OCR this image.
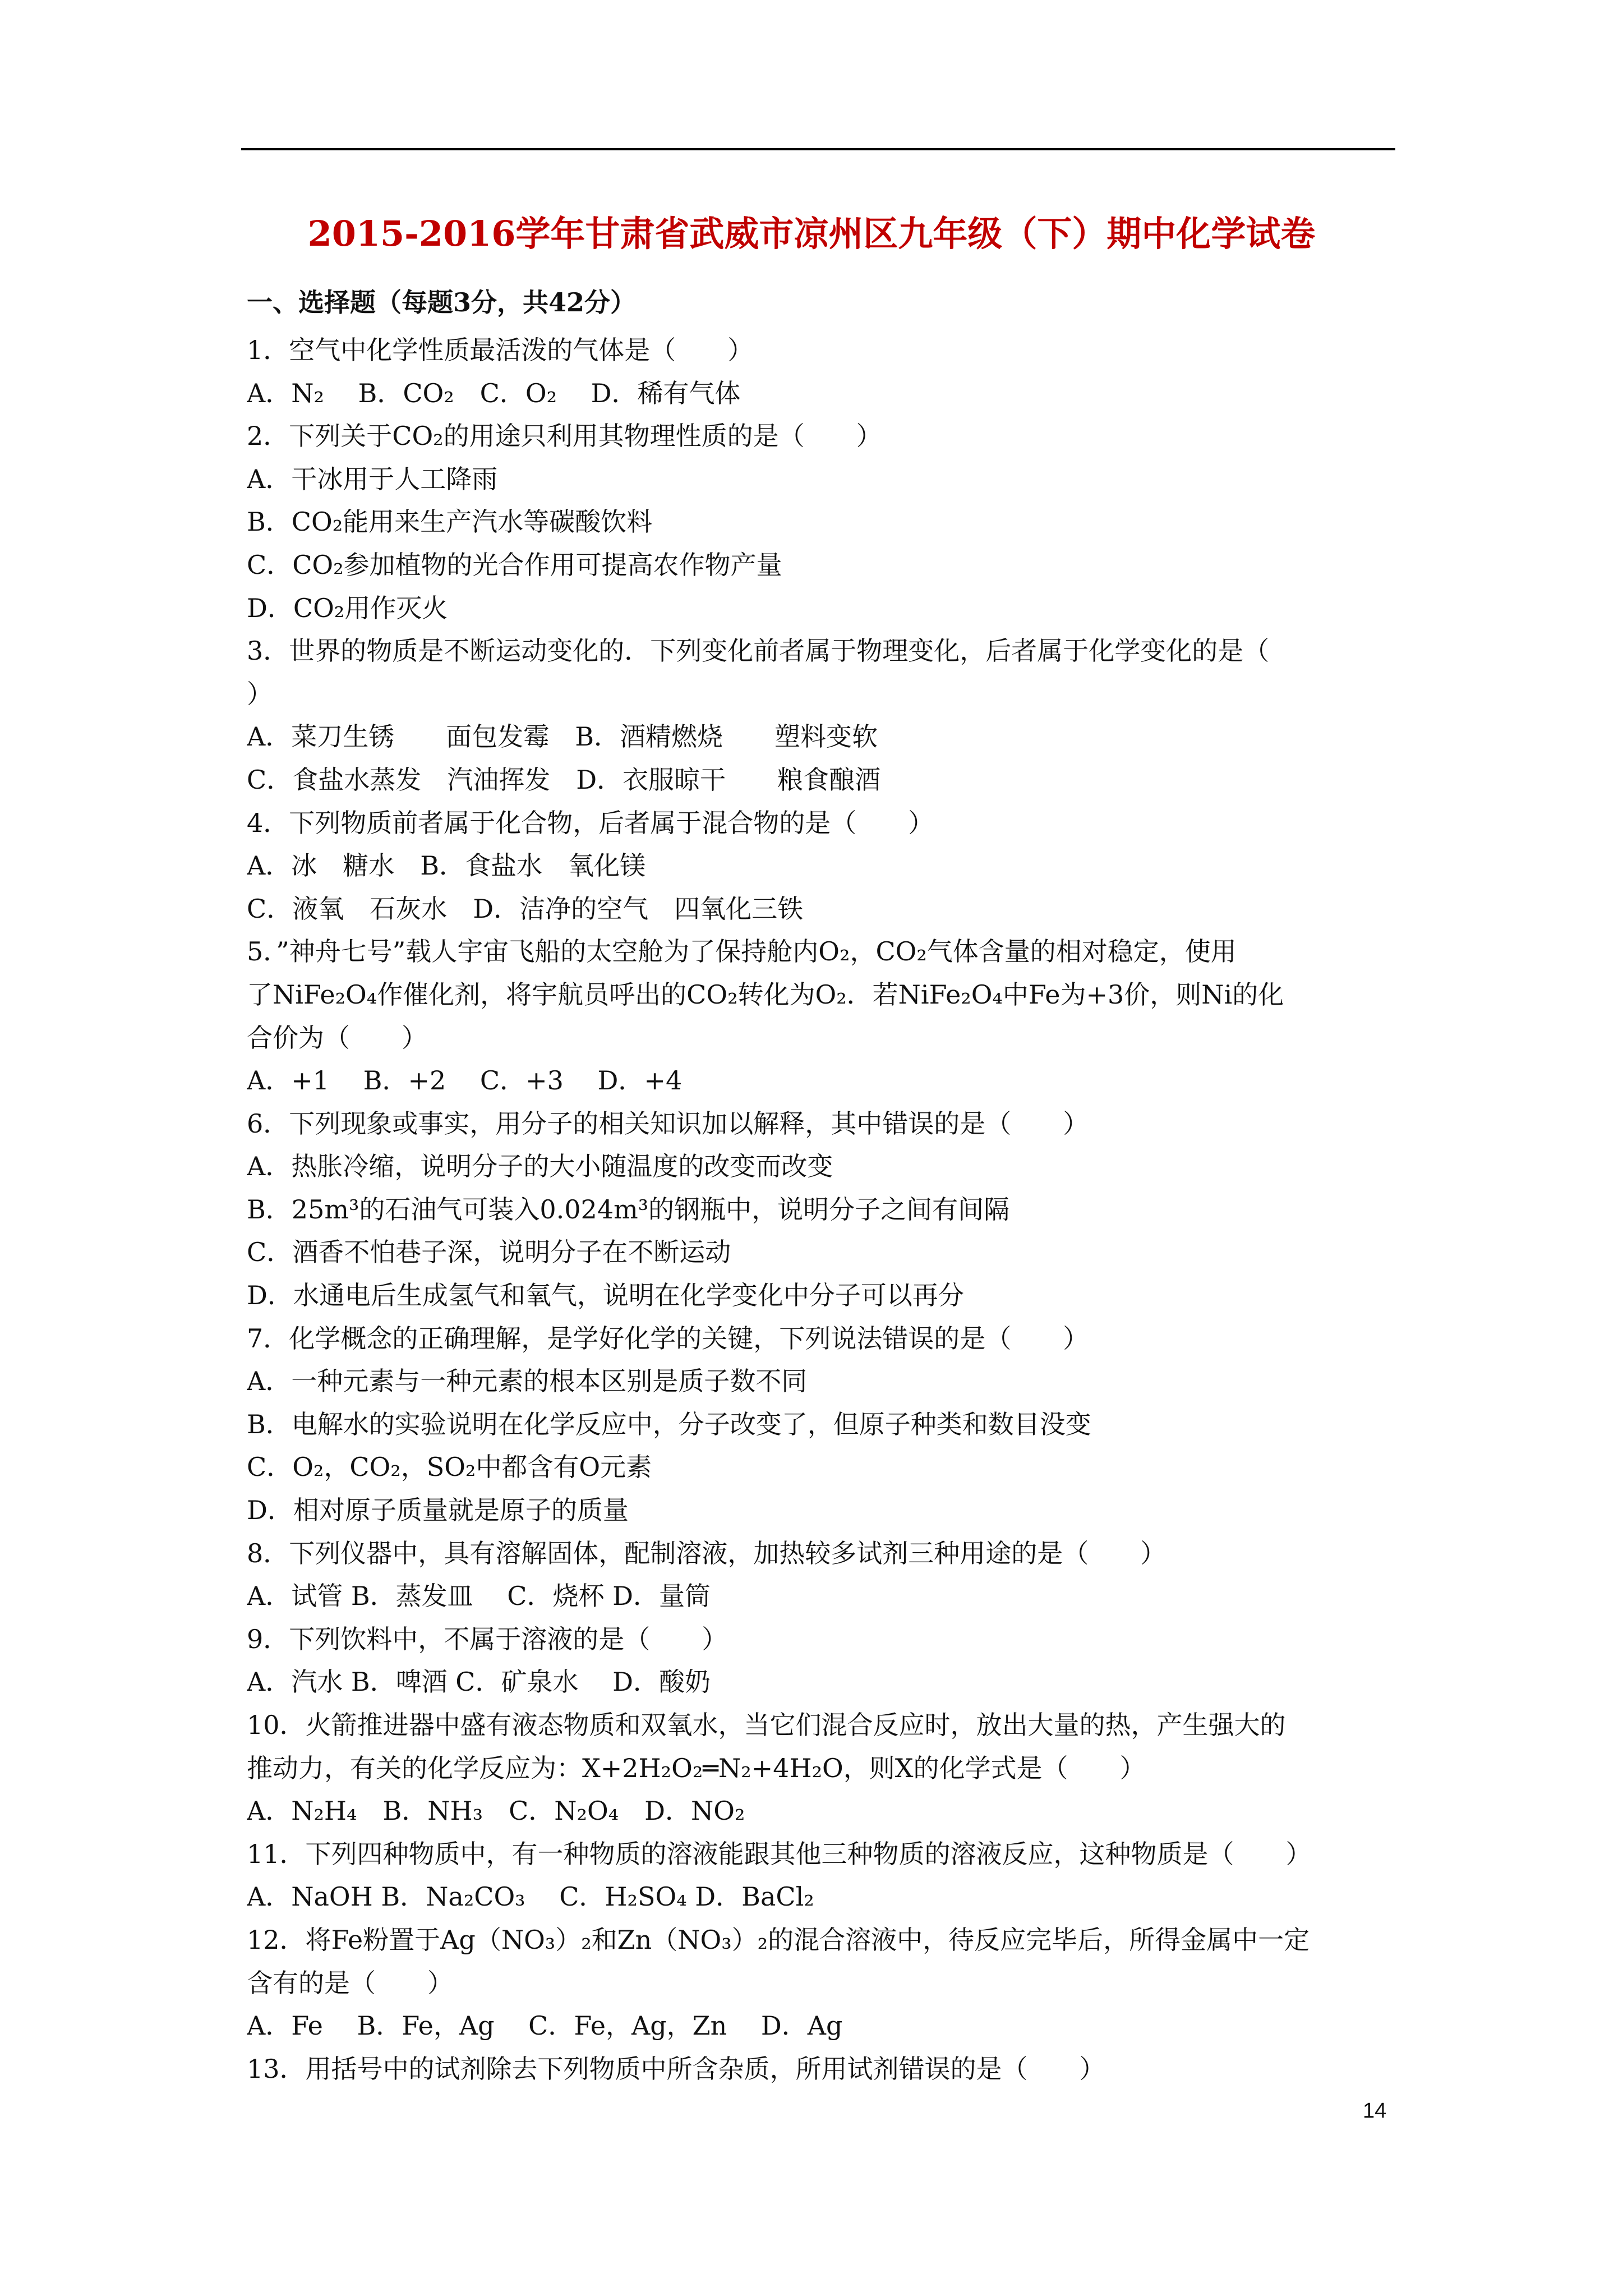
2015-2016学年甘肃省武威市凉州区九年级（下）期中化学试卷
一、选择题（每题3分，共42分）
1．空气中化学性质最活泼的气体是（　　）
A．N₂　 B．CO₂　C．O₂　 D．稀有气体
2．下列关于CO₂的用途只利用其物理性质的是（　　）
A．干冰用于人工降雨
B．CO₂能用来生产汽水等碳酸饮料
C．CO₂参加植物的光合作用可提高农作物产量
D．CO₂用作灭火
3．世界的物质是不断运动变化的．下列变化前者属于物理变化，后者属于化学变化的是（
）
A．菜刀生锈　　面包发霉　B．酒精燃烧　　塑料变软
C．食盐水蒸发　汽油挥发　D．衣服晾干　　粮食酿酒
4．下列物质前者属于化合物，后者属于混合物的是（　　）
A．冰　糖水　B．食盐水　氧化镁
C．液氧　石灰水　D．洁净的空气　四氧化三铁
5．”神舟七号”载人宇宙飞船的太空舱为了保持舱内O₂，CO₂气体含量的相对稳定，使用
了NiFe₂O₄作催化剂，将宇航员呼出的CO₂转化为O₂．若NiFe₂O₄中Fe为+3价，则Ni的化
合价为（　　）
A．+1　 B．+2　 C．+3　 D．+4
6．下列现象或事实，用分子的相关知识加以解释，其中错误的是（　　）
A．热胀冷缩，说明分子的大小随温度的改变而改变
B．25m³的石油气可装入0.024m³的钢瓶中，说明分子之间有间隔
C．酒香不怕巷子深，说明分子在不断运动
D．水通电后生成氢气和氧气，说明在化学变化中分子可以再分
7．化学概念的正确理解，是学好化学的关键，下列说法错误的是（　　）
A．一种元素与一种元素的根本区别是质子数不同
B．电解水的实验说明在化学反应中，分子改变了，但原子种类和数目没变
C．O₂，CO₂，SO₂中都含有O元素
D．相对原子质量就是原子的质量
8．下列仪器中，具有溶解固体，配制溶液，加热较多试剂三种用途的是（　　）
A．试管 B．蒸发皿　 C．烧杯 D．量筒
9．下列饮料中，不属于溶液的是（　　）
A．汽水 B．啤酒 C．矿泉水　 D．酸奶
10．火箭推进器中盛有液态物质和双氧水，当它们混合反应时，放出大量的热，产生强大的
推动力，有关的化学反应为：X+2H₂O₂═N₂+4H₂O，则X的化学式是（　　）
A．N₂H₄　B．NH₃　C．N₂O₄　D．NO₂
11．下列四种物质中，有一种物质的溶液能跟其他三种物质的溶液反应，这种物质是（　　）
A．NaOH B．Na₂CO₃　 C．H₂SO₄ D．BaCl₂
12．将Fe粉置于Ag（NO₃）₂和Zn（NO₃）₂的混合溶液中，待反应完毕后，所得金属中一定
含有的是（　　）
A．Fe　 B．Fe，Ag　 C．Fe，Ag，Zn　 D．Ag
13．用括号中的试剂除去下列物质中所含杂质，所用试剂错误的是（　　）
14
